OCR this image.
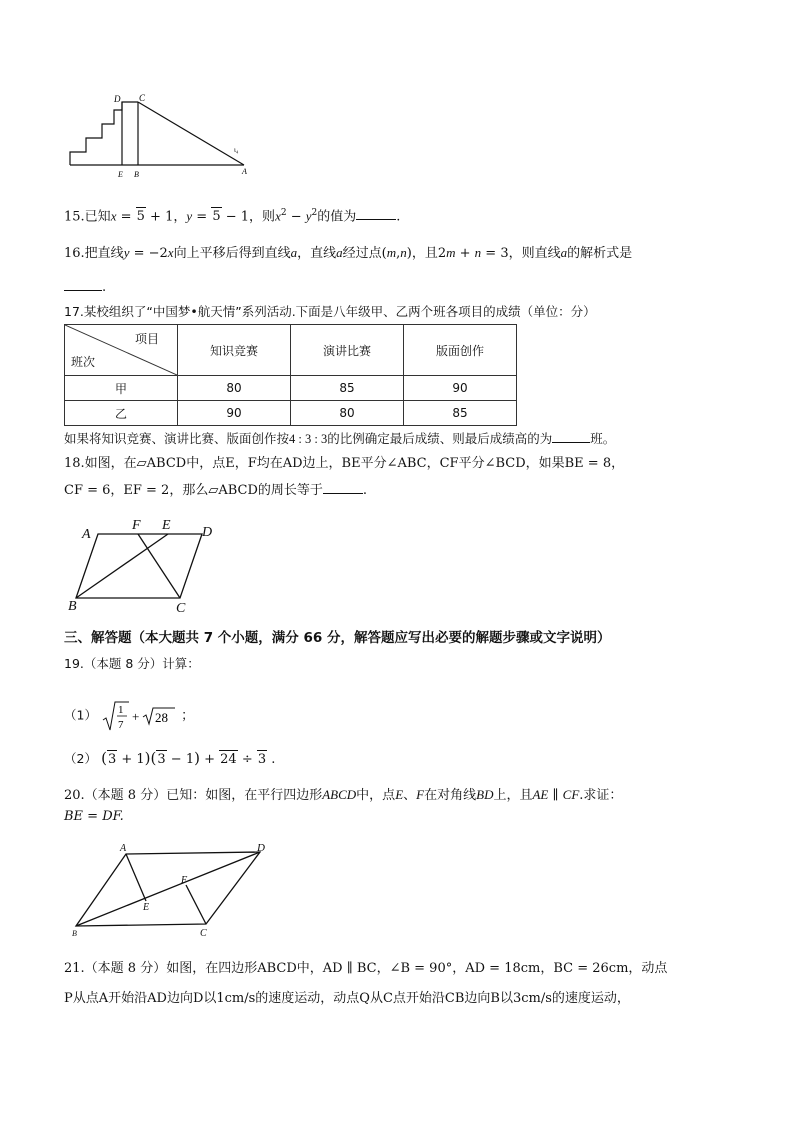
D C
E B	A
ι₄
15.已知x = 5 + 1，y = 5 − 1，则$x^2 - y^2$的值为	.
16.把直线y = −2x向上平移后得到直线a，直线a经过点(m,n)，且2m + n = 3，则直线a的解析式是
.
17.某校组织了“中国梦•航天情”系列活动.下面是八年级甲、乙两个班各项目的成绩（单位：分）
项目
班次	知识竞赛	演讲比赛	版面创作
甲	80	85	90
乙	90	80	85
如果将知识竞赛、演讲比赛、版面创作按4 : 3 : 3的比例确定最后成绩、则最后成绩高的为	班。
18.如图，在▱ABCD中，点E，F均在AD边上，BE平分∠ABC，CF平分∠BCD，如果BE = 8，
CF = 6，EF = 2，那么▱ABCD的周长等于	.
A
F E D
B	C
三、解答题（本大题共 7 个小题，满分 66 分，解答题应写出必要的解题步骤或文字说明）
19.（本题 8 分）计算：
（1） 1
7
+ 28 ；
（2） (3 + 1)(3 − 1) + 24 ÷ 3 .
20.（本题 8 分）已知：如图，在平行四边形ABCD中，点E、F在对角线BD上，且AE ∥ CF.求证：
BE = DF.
A	D
F
E
B	C
21.（本题 8 分）如图，在四边形ABCD中，AD ∥ BC，∠B = 90°，AD = 18cm，BC = 26cm，动点
P从点A开始沿AD边向D以1cm/s的速度运动，动点Q从C点开始沿CB边向B以3cm/s的速度运动，
